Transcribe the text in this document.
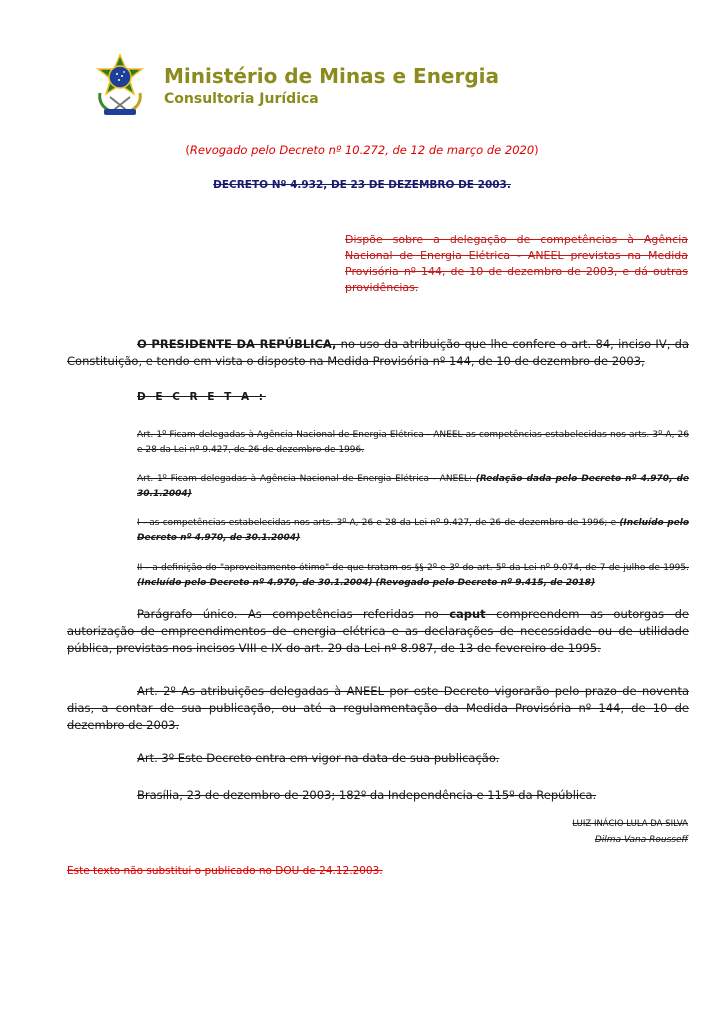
Ministério de Minas e Energia
Consultoria Jurídica
(Revogado pelo Decreto nº 10.272, de 12 de março de 2020)
DECRETO Nº 4.932, DE 23 DE DEZEMBRO DE 2003.
Dispõe sobre a delegação de competências à Agência Nacional de Energia Elétrica - ANEEL previstas na Medida Provisória nº 144, de 10 de dezembro de 2003, e dá outras providências.
O PRESIDENTE DA REPÚBLICA, no uso da atribuição que lhe confere o art. 84, inciso IV, da Constituição, e tendo em vista o disposto na Medida Provisória nº 144, de 10 de dezembro de 2003,
D E C R E T A :
Art. 1º Ficam delegadas à Agência Nacional de Energia Elétrica - ANEEL as competências estabelecidas nos arts. 3º-A, 26 e 28 da Lei nº 9.427, de 26 de dezembro de 1996.
Art. 1º Ficam delegadas à Agência Nacional de Energia Elétrica - ANEEL: (Redação dada pelo Decreto nº 4.970, de 30.1.2004)
I - as competências estabelecidas nos arts. 3º-A, 26 e 28 da Lei nº 9.427, de 26 de dezembro de 1996; e (Incluído pelo Decreto nº 4.970, de 30.1.2004)
II - a definição do "aproveitamento ótimo" de que tratam os §§ 2º e 3º do art. 5º da Lei nº 9.074, de 7 de julho de 1995. (Incluído pelo Decreto nº 4.970, de 30.1.2004) (Revogado pelo Decreto nº 9.415, de 2018)
Parágrafo único. As competências referidas no caput compreendem as outorgas de autorização de empreendimentos de energia elétrica e as declarações de necessidade ou de utilidade pública, previstas nos incisos VIII e IX do art. 29 da Lei nº 8.987, de 13 de fevereiro de 1995.
Art. 2º As atribuições delegadas à ANEEL por este Decreto vigorarão pelo prazo de noventa dias, a contar de sua publicação, ou até a regulamentação da Medida Provisória nº 144, de 10 de dezembro de 2003.
Art. 3º Este Decreto entra em vigor na data de sua publicação.
Brasília, 23 de dezembro de 2003; 182º da Independência e 115º da República.
LUIZ INÁCIO LULA DA SILVA
Dilma Vana Rousseff
Este texto não substitui o publicado no DOU de 24.12.2003.
